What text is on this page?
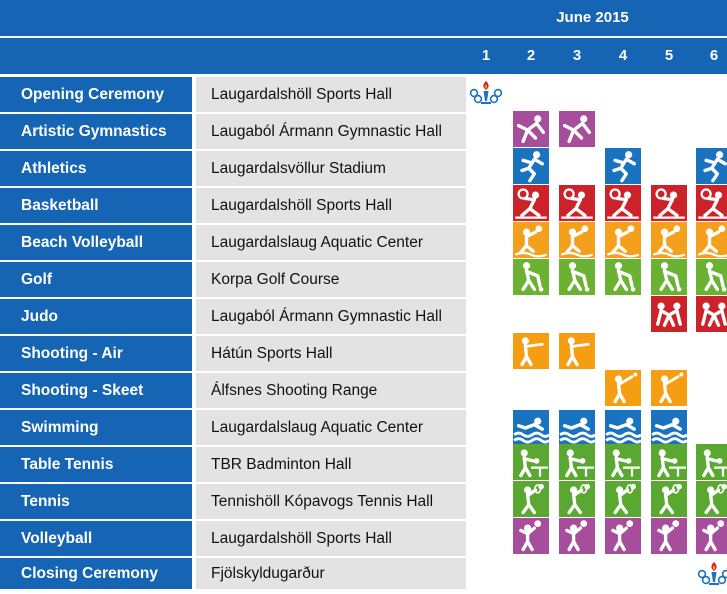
June 2015
1	2	3	4	5	6
Opening Ceremony	Laugardalshöll Sports Hall
Artistic Gymnastics	Laugaból Ármann Gymnastic Hall
Athletics	Laugardalsvöllur Stadium
Basketball	Laugardalshöll Sports Hall
Beach Volleyball	Laugardalslaug Aquatic Center
Golf	Korpa Golf Course
Judo	Laugaból Ármann Gymnastic Hall
Shooting - Air	Hátún Sports Hall
Shooting - Skeet	Álfsnes Shooting Range
Swimming	Laugardalslaug Aquatic Center
Table Tennis	TBR Badminton Hall
Tennis	Tennishöll Kópavogs Tennis Hall
Volleyball	Laugardalshöll Sports Hall
Closing Ceremony	Fjölskyldugarður
